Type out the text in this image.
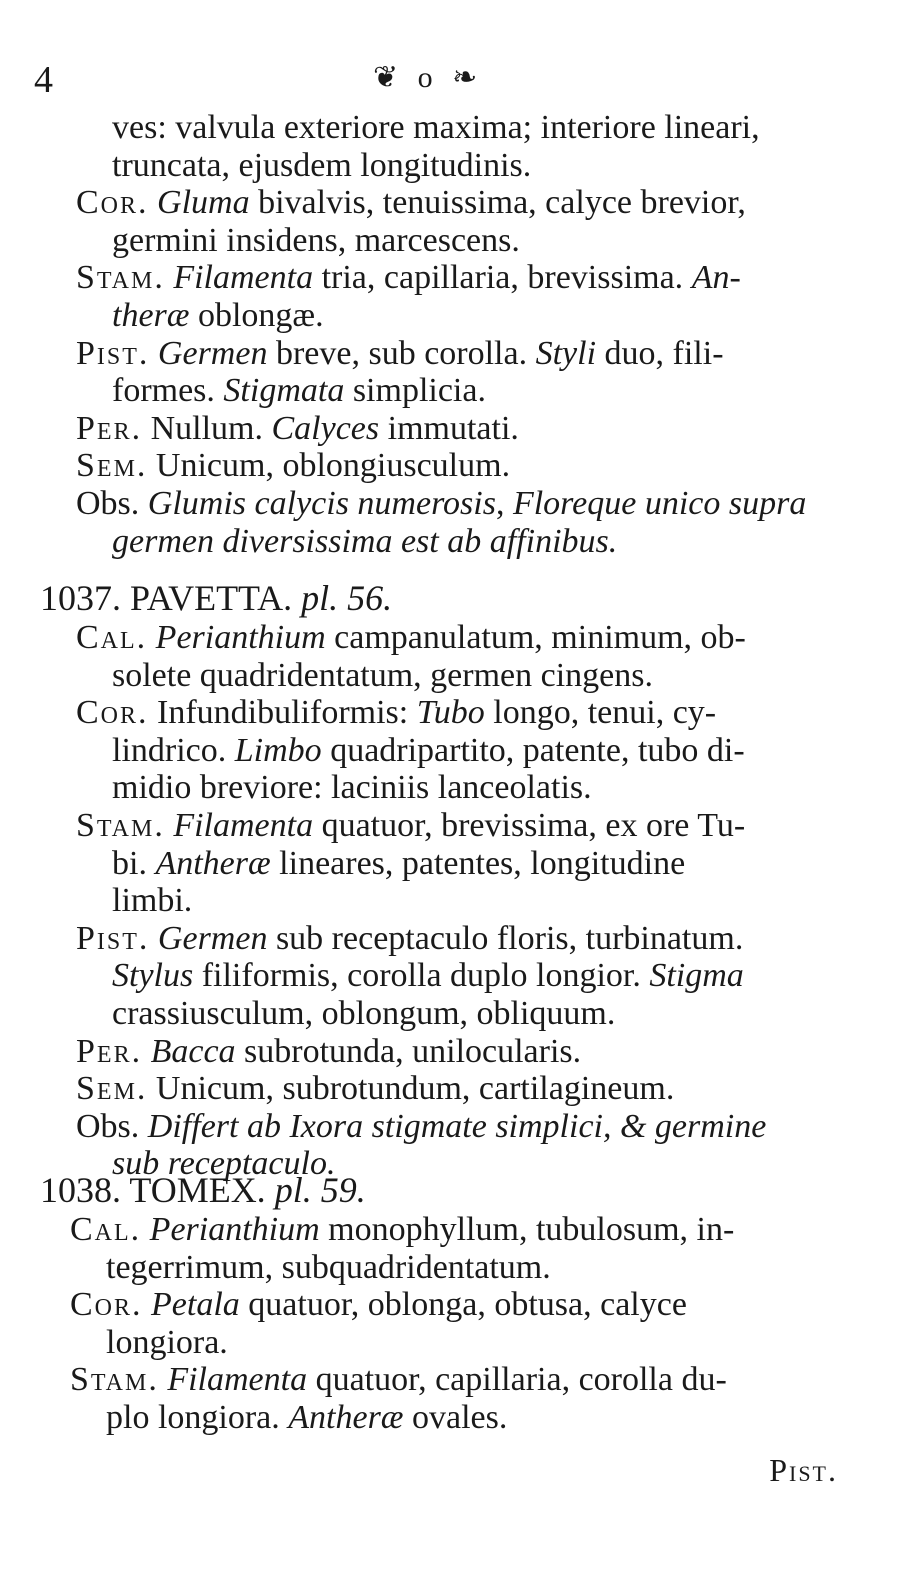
4	❦ o ❧
ves: valvula exteriore maxima; interiore lineari,
truncata, ejusdem longitudinis.
Cor. Gluma bivalvis, tenuissima, calyce brevior,
germini insidens, marcescens.
Stam. Filamenta tria, capillaria, brevissima. An-
theræ oblongæ.
Pist. Germen breve, sub corolla. Styli duo, fili-
formes. Stigmata simplicia.
Per. Nullum. Calyces immutati.
Sem. Unicum, oblongiusculum.
Obs. Glumis calycis numerosis, Floreque unico supra
germen diversissima est ab affinibus.
1037. PAVETTA. pl. 56.
Cal. Perianthium campanulatum, minimum, ob-
solete quadridentatum, germen cingens.
Cor. Infundibuliformis: Tubo longo, tenui, cy-
lindrico. Limbo quadripartito, patente, tubo di-
midio breviore: laciniis lanceolatis.
Stam. Filamenta quatuor, brevissima, ex ore Tu-
bi. Antheræ lineares, patentes, longitudine
limbi.
Pist. Germen sub receptaculo floris, turbinatum.
Stylus filiformis, corolla duplo longior. Stigma
crassiusculum, oblongum, obliquum.
Per. Bacca subrotunda, unilocularis.
Sem. Unicum, subrotundum, cartilagineum.
Obs. Differt ab Ixora stigmate simplici, & germine
sub receptaculo.
1038. TOMEX. pl. 59.
Cal. Perianthium monophyllum, tubulosum, in-
tegerrimum, subquadridentatum.
Cor. Petala quatuor, oblonga, obtusa, calyce
longiora.
Stam. Filamenta quatuor, capillaria, corolla du-
plo longiora. Antheræ ovales.
Pist.
